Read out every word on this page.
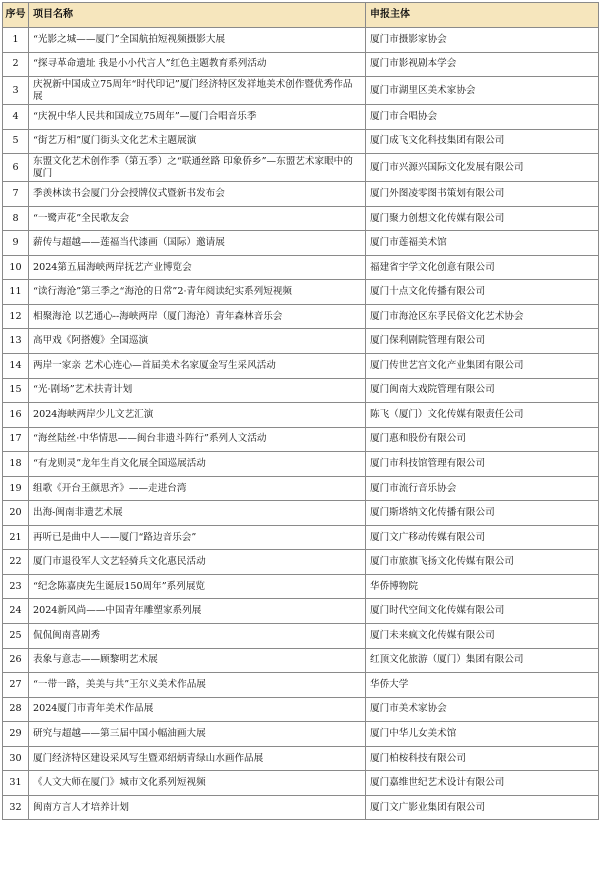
序号	项目名称	申报主体
1	“光影之城——厦门”全国航拍短视频摄影大展	厦门市摄影家协会
2	“探寻革命遗址 我是小小代言人”红色主题教育系列活动	厦门市影视剧本学会
3	庆祝新中国成立75周年“时代印记”厦门经济特区发祥地美术创作暨优秀作品展	厦门市湖里区美术家协会
4	“庆祝中华人民共和国成立75周年”—厦门合唱音乐季	厦门市合唱协会
5	“街艺万相”厦门街头文化艺术主题展演	厦门成飞文化科技集团有限公司
6	东盟文化艺术创作季（第五季）之“联通丝路 印象侨乡”—东盟艺术家眼中的厦门	厦门市兴源兴国际文化发展有限公司
7	季羡林读书会厦门分会授牌仪式暨新书发布会	厦门外图凌零图书策划有限公司
8	“一鹭声花”全民歌友会	厦门聚力创想文化传媒有限公司
9	薪传与超越——莲福当代漆画（国际）邀请展	厦门市莲福美术馆
10	2024第五届海峡两岸抚艺产业博览会	福建省宇学文化创意有限公司
11	“读行海沧”第三季之“海沧的日常”2·青年阅读纪实系列短视频	厦门十点文化传播有限公司
12	相聚海沧 以艺通心--海峡两岸（厦门海沧）青年森林音乐会	厦门市海沧区东孚民俗文化艺术协会
13	高甲戏《阿搭嫂》全国巡演	厦门保利剧院管理有限公司
14	两岸一家亲 艺术心连心—首届美术名家厦金写生采风活动	厦门传世艺宫文化产业集团有限公司
15	“光·剧场”艺术扶青计划	厦门闽南大戏院管理有限公司
16	2024海峡两岸少儿文艺汇演	陈飞（厦门）文化传媒有限责任公司
17	“海丝陆丝·中华情思——闽台非遗斗阵行”系列人文活动	厦门惠和股份有限公司
18	“有龙则灵”龙年生肖文化展全国巡展活动	厦门市科技馆管理有限公司
19	组歌《开台王颜思齐》——走进台湾	厦门市流行音乐协会
20	出海-闽南非遗艺术展	厦门斯塔纳文化传播有限公司
21	再听已是曲中人——厦门“路边音乐会”	厦门文广移动传媒有限公司
22	厦门市退役军人文艺轻骑兵文化惠民活动	厦门市旅旗飞扬文化传媒有限公司
23	“纪念陈嘉庚先生诞辰150周年”系列展览	华侨博物院
24	2024新风尚——中国青年雕塑家系列展	厦门时代空间文化传媒有限公司
25	侃侃闽南喜剧秀	厦门未来疯文化传媒有限公司
26	表象与意志——顾黎明艺术展	红顶文化旅游（厦门）集团有限公司
27	“一带一路，美美与共”王尔义美术作品展	华侨大学
28	2024厦门市青年美术作品展	厦门市美术家协会
29	研究与超越——第三届中国小幅油画大展	厦门中华儿女美术馆
30	厦门经济特区建设采风写生暨邓绍炳青绿山水画作品展	厦门柏桉科技有限公司
31	《人文大师在厦门》城市文化系列短视频	厦门嘉维世纪艺术设计有限公司
32	闽南方言人才培养计划	厦门文广影业集团有限公司
